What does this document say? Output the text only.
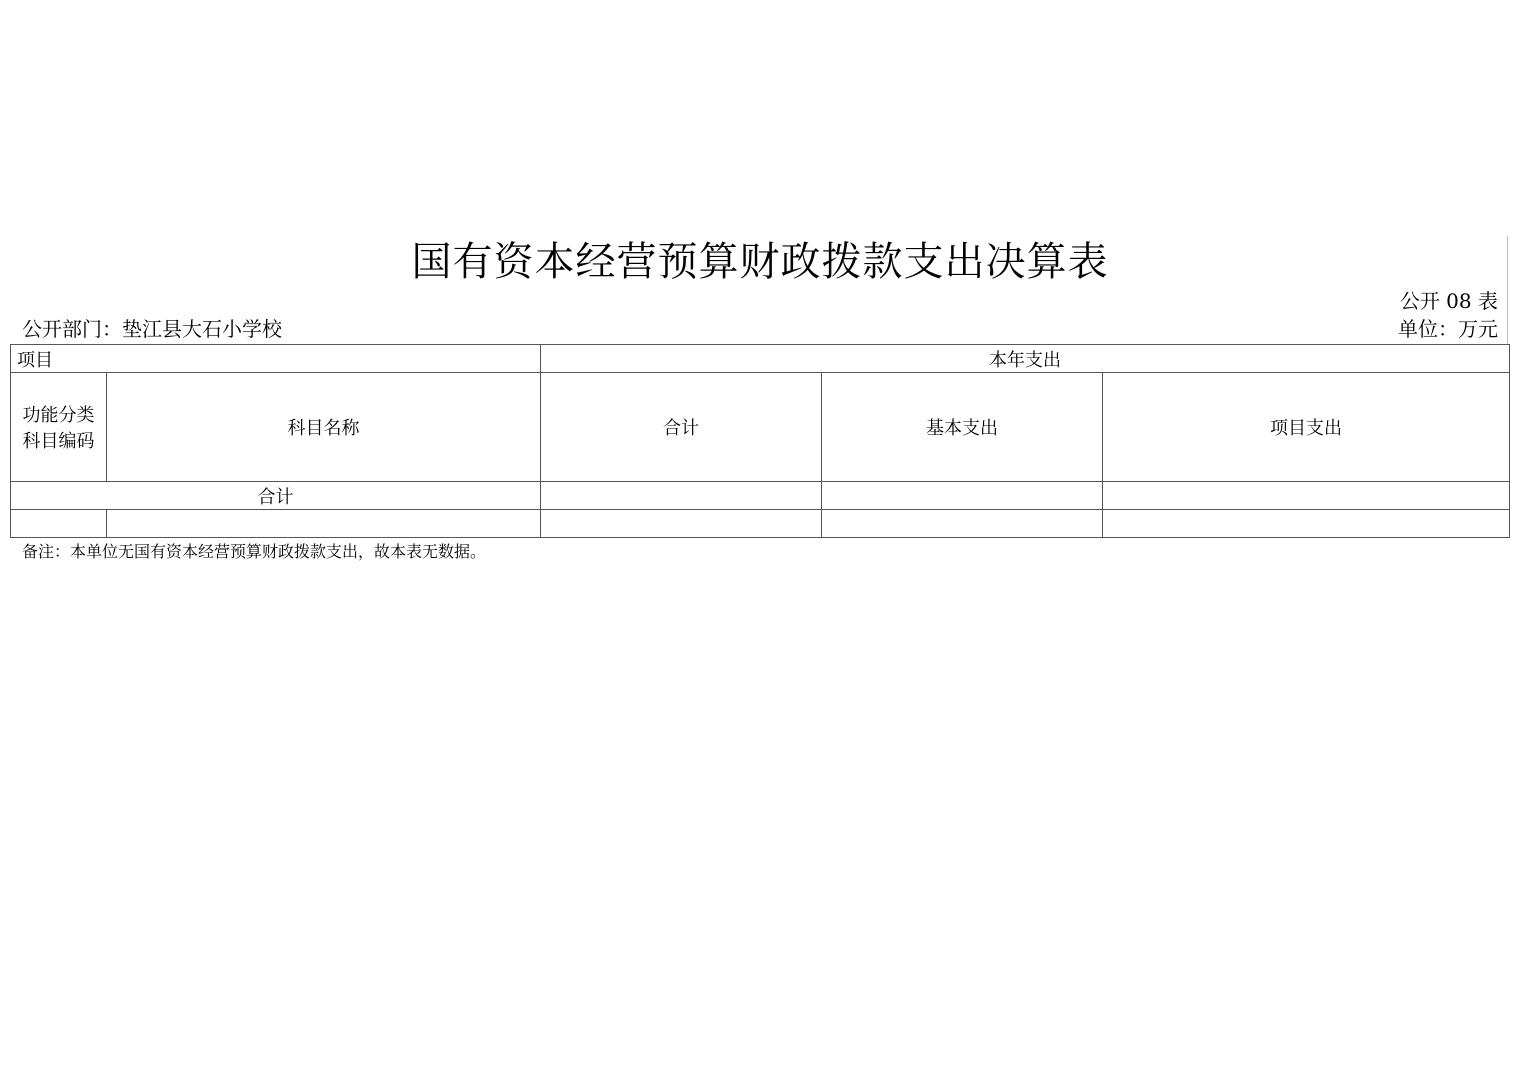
国有资本经营预算财政拨款支出决算表
公开 08 表
公开部门：垫江县大石小学校	单位：万元
项目		本年支出		
功能分类科目编码	科目名称	合计	基本支出	项目支出
合计				

备注：本单位无国有资本经营预算财政拨款支出，故本表无数据。
